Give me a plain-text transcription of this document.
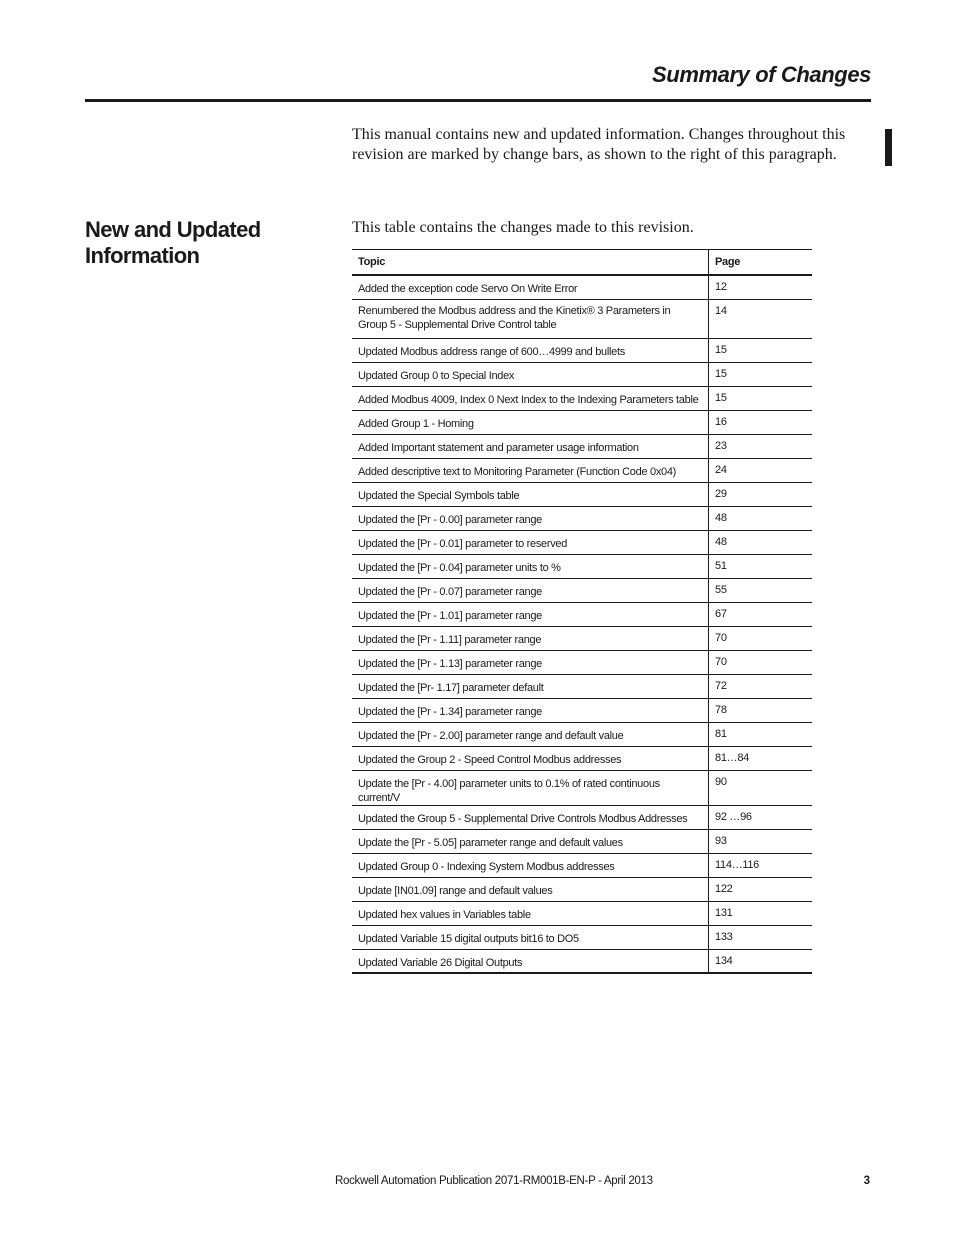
Summary of Changes

This manual contains new and updated information. Changes throughout this revision are marked by change bars, as shown to the right of this paragraph.

New and Updated Information

This table contains the changes made to this revision.

Topic	Page
Added the exception code Servo On Write Error	12
Renumbered the Modbus address and the Kinetix® 3 Parameters in Group 5 - Supplemental Drive Control table	14
Updated Modbus address range of 600…4999 and bullets	15
Updated Group 0 to Special Index	15
Added Modbus 4009, Index 0 Next Index to the Indexing Parameters table	15
Added Group 1 - Homing	16
Added Important statement and parameter usage information	23
Added descriptive text to Monitoring Parameter (Function Code 0x04)	24
Updated the Special Symbols table	29
Updated the [Pr - 0.00] parameter range	48
Updated the [Pr - 0.01] parameter to reserved	48
Updated the [Pr - 0.04] parameter units to %	51
Updated the [Pr - 0.07] parameter range	55
Updated the [Pr - 1.01] parameter range	67
Updated the [Pr - 1.11] parameter range	70
Updated the [Pr - 1.13] parameter range	70
Updated the [Pr- 1.17] parameter default	72
Updated the [Pr - 1.34] parameter range	78
Updated the [Pr - 2.00] parameter range and default value	81
Updated the Group 2 - Speed Control Modbus addresses	81…84
Update the [Pr - 4.00] parameter units to 0.1% of rated continuous current/V	90
Updated the Group 5 - Supplemental Drive Controls Modbus Addresses	92 …96
Update the [Pr - 5.05] parameter range and default values	93
Updated Group 0 - Indexing System Modbus addresses	114…116
Update [IN01.09] range and default values	122
Updated hex values in Variables table	131
Updated Variable 15 digital outputs bit16 to DO5	133
Updated Variable 26 Digital Outputs	134

Rockwell Automation Publication 2071-RM001B-EN-P - April 2013	3
